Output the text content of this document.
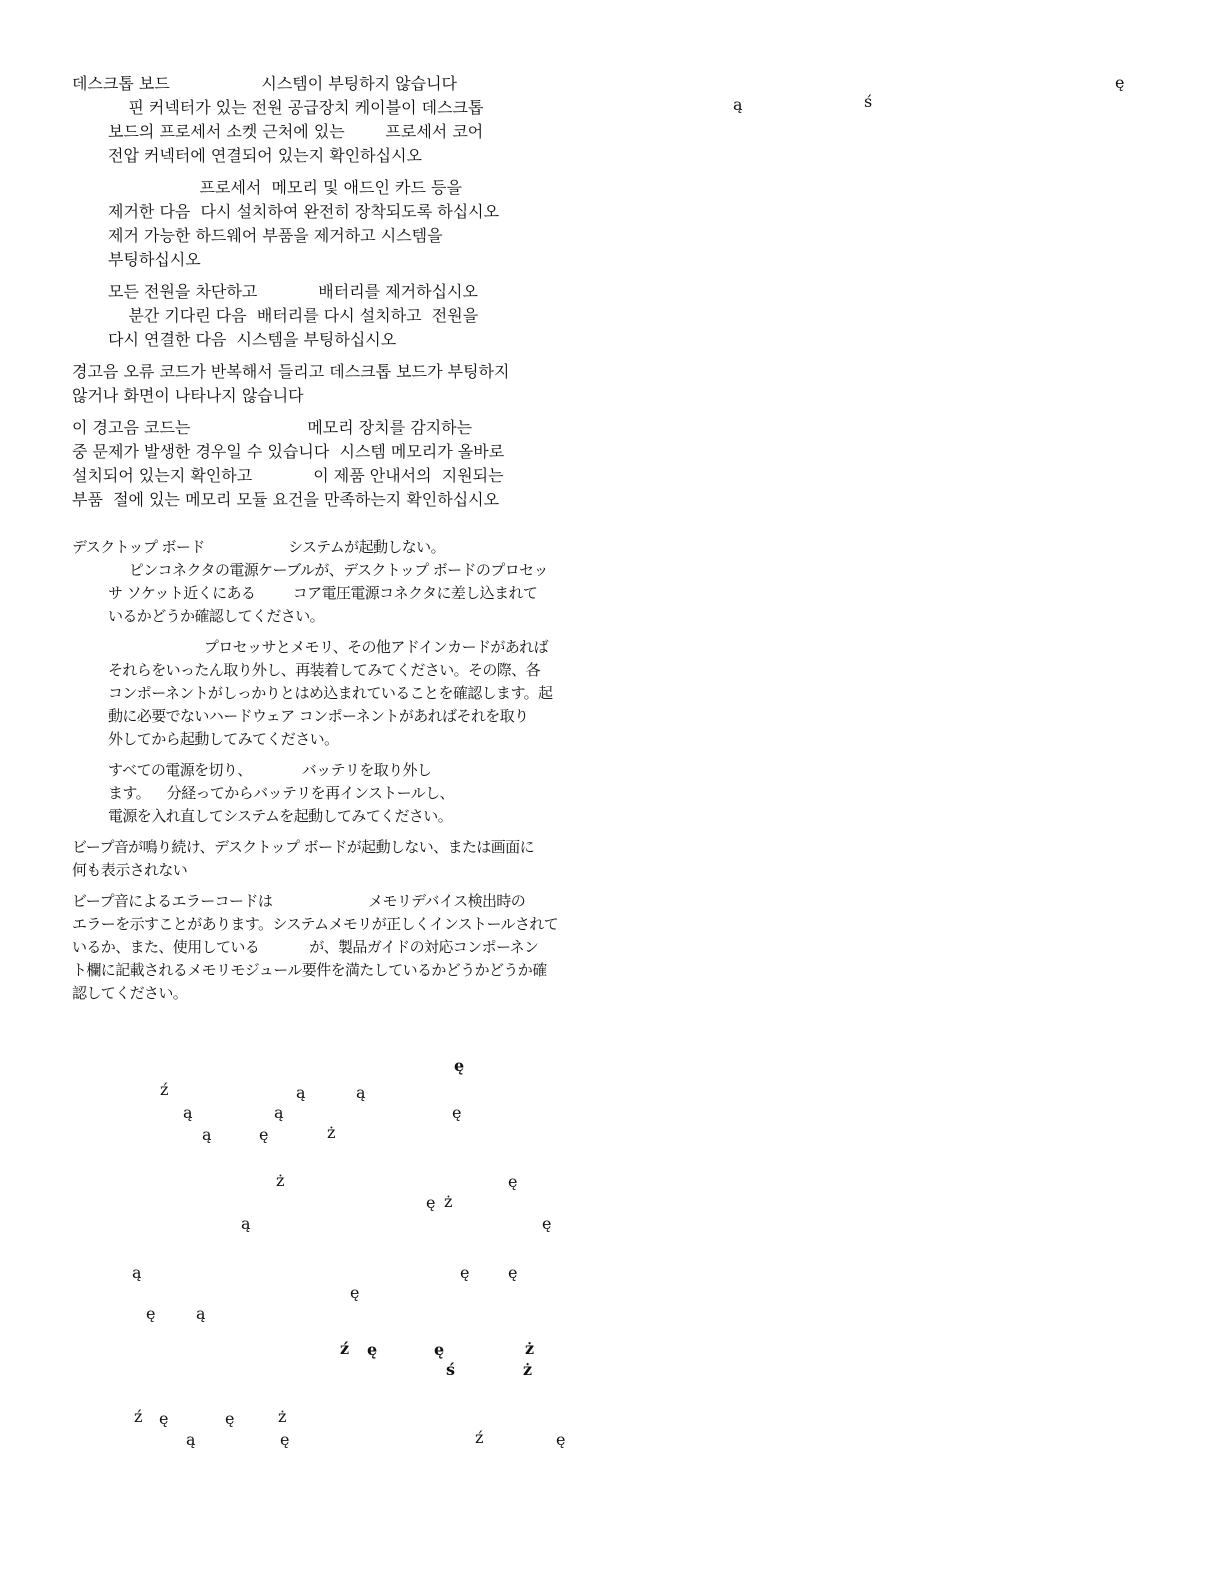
데스크톱 보드                  시스템이 부팅하지 않습니다

핀 커넥터가 있는 전원 공급장치 케이블이 데스크톱

보드의 프로세서 소켓 근처에 있는        프로세서 코어

전압 커넥터에 연결되어 있는지 확인하십시오

프로세서  메모리 및 애드인 카드 등을

제거한 다음  다시 설치하여 완전히 장착되도록 하십시오

제거 가능한 하드웨어 부품을 제거하고 시스템을

부팅하십시오

모든 전원을 차단하고            배터리를 제거하십시오

분간 기다린 다음  배터리를 다시 설치하고  전원을

다시 연결한 다음  시스템을 부팅하십시오

경고음 오류 코드가 반복해서 들리고 데스크톱 보드가 부팅하지

않거나 화면이 나타나지 않습니다

이 경고음 코드는                       메모리 장치를 감지하는

중 문제가 발생한 경우일 수 있습니다  시스템 메모리가 올바로

설치되어 있는지 확인하고            이 제품 안내서의  지원되는

부품  절에 있는 메모리 모듈 요건을 만족하는지 확인하십시오

デスクトップ ボード                    システムが起動しない。

ピンコネクタの電源ケーブルが、デスクトップ ボードのプロセッ

サ ソケット近くにある         コア電圧電源コネクタに差し込まれて

いるかどうか確認してください。

プロセッサとメモリ、その他アドインカードがあれば

それらをいったん取り外し、再装着してみてください。その際、各

コンポーネントがしっかりとはめ込まれていることを確認します。起

動に必要でないハードウェア コンポーネントがあればそれを取り

外してから起動してみてください。

すべての電源を切り、            バッテリを取り外し

ます。    分経ってからバッテリを再インストールし、

電源を入れ直してシステムを起動してみてください。

ビープ音が鳴り続け、デスクトップ ボードが起動しない、または画面に

何も表示されない

ビープ音によるエラーコードは                       メモリデバイス検出時の

エラーを示すことがあります。システムメモリが正しくインストールされて

いるか、また、使用している            が、製品ガイドの対応コンポーネン

ト欄に記載されるメモリモジュール要件を満たしているかどうかどうか確

認してください。

ę
ą	ś
ę
ź	ą	ą
ą	ą	ę
ą	ę	ż
ż	ę
ę ż
ą	ę
ą	ę ę
ę
ę	ą
ź ę	ę	ż
ś	ż
ź ę	ę	ż
ą	ę	ź	ę
